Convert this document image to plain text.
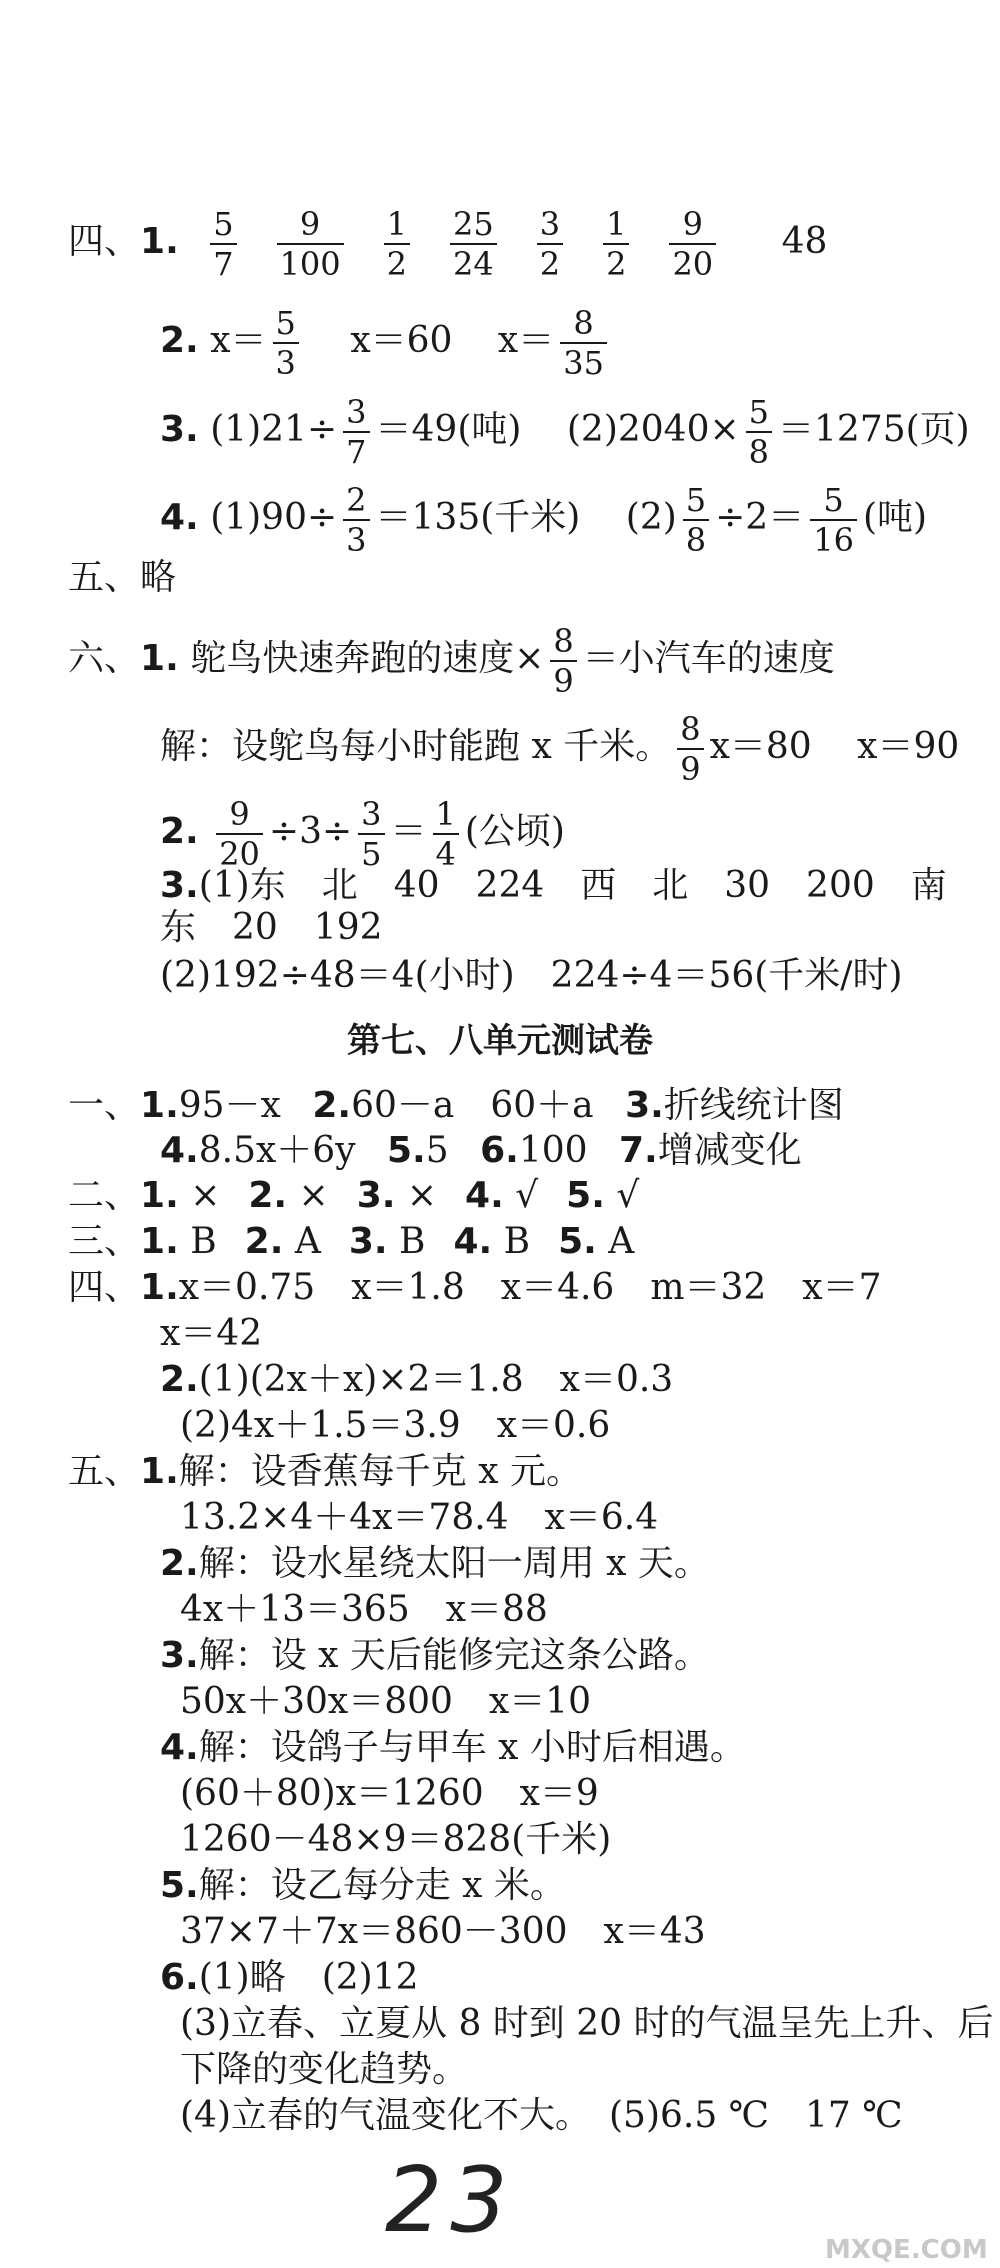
四、1. $\frac{5}{7} \frac{9}{100} \frac{1}{2} \frac{25}{24} \frac{3}{2} \frac{1}{2} \frac{9}{20} 48$
2. $x= \frac{5}{3} x=60$ $x= \frac{8}{35}$
3. $(1)21\div \frac{3}{7} =49$(吨) $(2)2040\times \frac{5}{8} =1275$(页)
4. $(1)90\div \frac{2}{3} =135$(千米) $(2) \frac{5}{8} \div 2= \frac{5}{16}$ (吨)
五、略
六、1. 鸵鸟快速奔跑的速度× $\frac{8}{9}$ ＝小汽车的速度
解：设鸵鸟每小时能跑 x 千米。 $\frac{8}{9} x=80$ x＝90
2. $\frac{9}{20} \div 3\div \frac{3}{5} = \frac{1}{4}$ (公顷)
3.(1)东　北　40　224　西　北　30　200　南
东　20　192
(2)192÷48＝4(小时)　224÷4＝56(千米/时)
第七、八单元测试卷
一、1.95－x 2.60－a　60＋a 3.折线统计图
4.8.5x＋6y 5.5 6.100 7.增减变化
二、1. × 2. × 3. × 4. √ 5. √
三、1. B 2. A 3. B 4. B 5. A
四、1.x＝0.75　x＝1.8　x＝4.6　m＝32　x＝7
x＝42
2.(1)(2x＋x)×2＝1.8　x＝0.3
(2)4x＋1.5＝3.9　x＝0.6
五、1.解：设香蕉每千克 x 元。
13.2×4＋4x＝78.4　x＝6.4
2.解：设水星绕太阳一周用 x 天。
4x＋13＝365　x＝88
3.解：设 x 天后能修完这条公路。
50x＋30x＝800　x＝10
4.解：设鸽子与甲车 x 小时后相遇。
(60＋80)x＝1260　x＝9
1260－48×9＝828(千米)
5.解：设乙每分走 x 米。
37×7＋7x＝860－300　x＝43
6.(1)略　(2)12
(3)立春、立夏从 8 时到 20 时的气温呈先上升、后
下降的变化趋势。
(4)立春的气温变化不大。　(5)6.5 ℃　17 ℃
23	MXQE.COM
